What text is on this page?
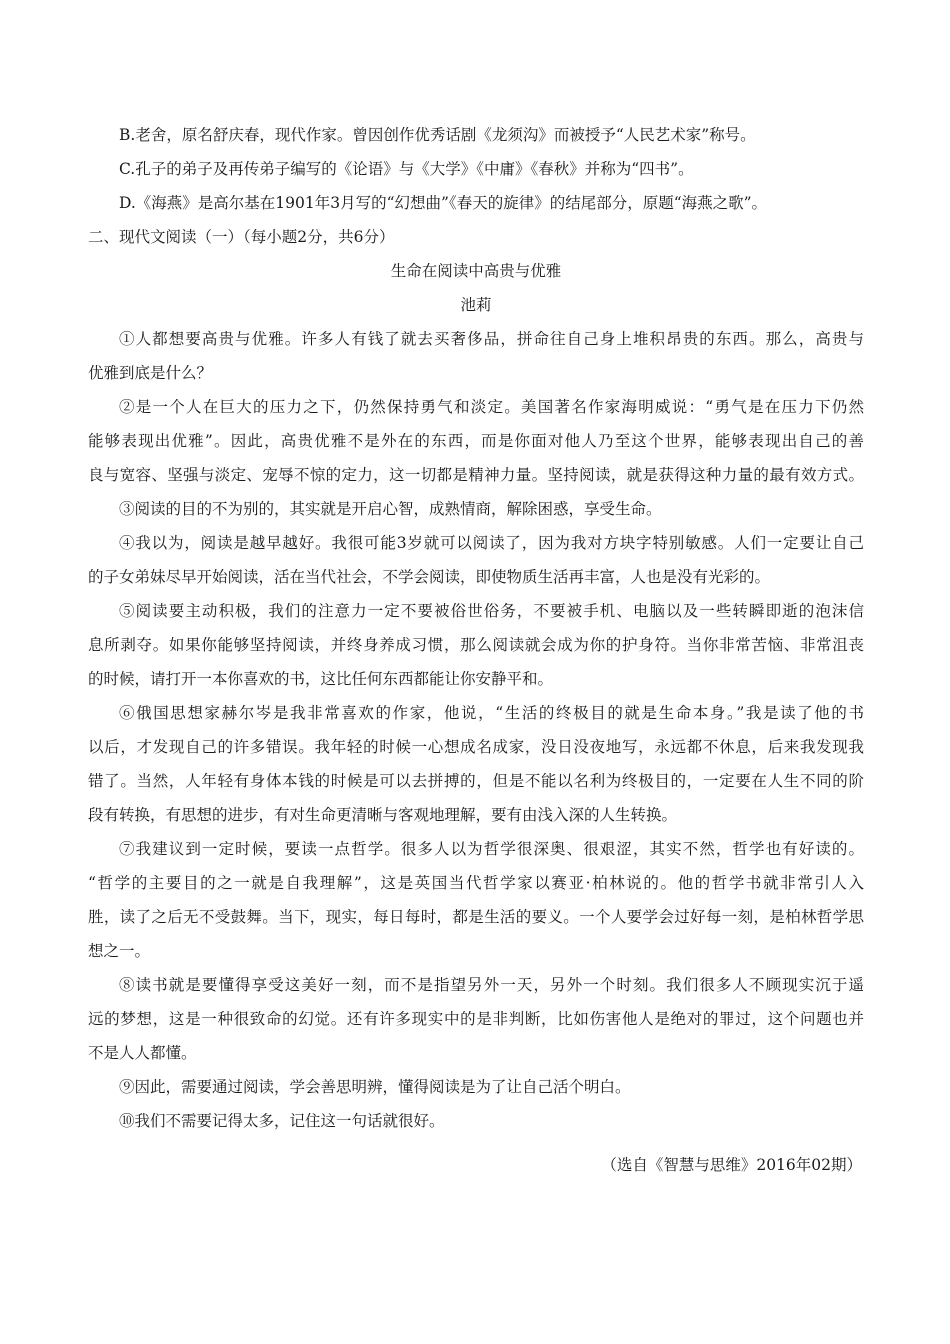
B.老舍，原名舒庆春，现代作家。曾因创作优秀话剧《龙须沟》而被授予“人民艺术家”称号。
C.孔子的弟子及再传弟子编写的《论语》与《大学》《中庸》《春秋》并称为“四书”。
D.《海燕》是高尔基在1901年3月写的“幻想曲”《春天的旋律》的结尾部分，原题“海燕之歌”。
二、现代文阅读（一）（每小题2分，共6分）
生命在阅读中高贵与优雅
池莉
①人都想要高贵与优雅。许多人有钱了就去买奢侈品，拼命往自己身上堆积昂贵的东西。那么，高贵与
优雅到底是什么？
②是一个人在巨大的压力之下，仍然保持勇气和淡定。美国著名作家海明威说：“勇气是在压力下仍然
能够表现出优雅”。因此，高贵优雅不是外在的东西，而是你面对他人乃至这个世界，能够表现出自己的善
良与宽容、坚强与淡定、宠辱不惊的定力，这一切都是精神力量。坚持阅读，就是获得这种力量的最有效方式。
③阅读的目的不为别的，其实就是开启心智，成熟情商，解除困惑，享受生命。
④我以为，阅读是越早越好。我很可能3岁就可以阅读了，因为我对方块字特别敏感。人们一定要让自己
的子女弟妹尽早开始阅读，活在当代社会，不学会阅读，即使物质生活再丰富，人也是没有光彩的。
⑤阅读要主动积极，我们的注意力一定不要被俗世俗务，不要被手机、电脑以及一些转瞬即逝的泡沫信
息所剥夺。如果你能够坚持阅读，并终身养成习惯，那么阅读就会成为你的护身符。当你非常苦恼、非常沮丧
的时候，请打开一本你喜欢的书，这比任何东西都能让你安静平和。
⑥俄国思想家赫尔岑是我非常喜欢的作家，他说，“生活的终极目的就是生命本身。”我是读了他的书
以后，才发现自己的许多错误。我年轻的时候一心想成名成家，没日没夜地写，永远都不休息，后来我发现我
错了。当然，人年轻有身体本钱的时候是可以去拼搏的，但是不能以名利为终极目的，一定要在人生不同的阶
段有转换，有思想的进步，有对生命更清晰与客观地理解，要有由浅入深的人生转换。
⑦我建议到一定时候，要读一点哲学。很多人以为哲学很深奥、很艰涩，其实不然，哲学也有好读的。
“哲学的主要目的之一就是自我理解”，这是英国当代哲学家以赛亚·柏林说的。他的哲学书就非常引人入
胜，读了之后无不受鼓舞。当下，现实，每日每时，都是生活的要义。一个人要学会过好每一刻，是柏林哲学思
想之一。
⑧读书就是要懂得享受这美好一刻，而不是指望另外一天，另外一个时刻。我们很多人不顾现实沉于遥
远的梦想，这是一种很致命的幻觉。还有许多现实中的是非判断，比如伤害他人是绝对的罪过，这个问题也并
不是人人都懂。
⑨因此，需要通过阅读，学会善思明辨，懂得阅读是为了让自己活个明白。
⑩我们不需要记得太多，记住这一句话就很好。
（选自《智慧与思维》2016年02期）
